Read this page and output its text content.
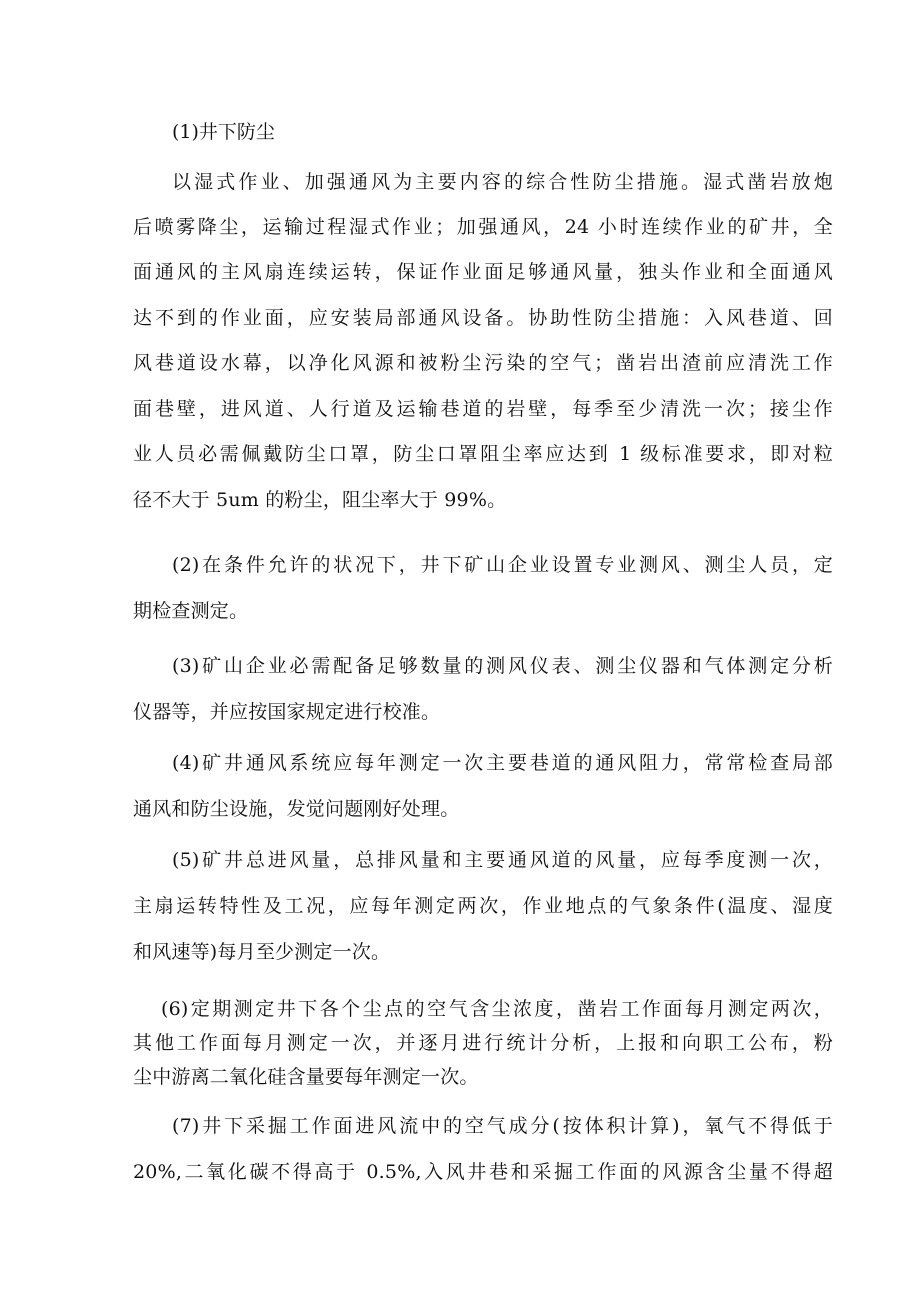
(1)井下防尘
以湿式作业、加强通风为主要内容的综合性防尘措施。湿式凿岩放炮
后喷雾降尘，运输过程湿式作业；加强通风，24 小时连续作业的矿井，全
面通风的主风扇连续运转，保证作业面足够通风量，独头作业和全面通风
达不到的作业面，应安装局部通风设备。协助性防尘措施：入风巷道、回
风巷道设水幕，以净化风源和被粉尘污染的空气；凿岩出渣前应清洗工作
面巷壁，进风道、人行道及运输巷道的岩壁，每季至少清洗一次；接尘作
业人员必需佩戴防尘口罩，防尘口罩阻尘率应达到 1 级标准要求，即对粒
径不大于 5um 的粉尘，阻尘率大于 99%。
(2)在条件允许的状况下，井下矿山企业设置专业测风、测尘人员，定
期检查测定。
(3)矿山企业必需配备足够数量的测风仪表、测尘仪器和气体测定分析
仪器等，并应按国家规定进行校准。
(4)矿井通风系统应每年测定一次主要巷道的通风阻力，常常检查局部
通风和防尘设施，发觉问题刚好处理。
(5)矿井总进风量，总排风量和主要通风道的风量，应每季度测一次，
主扇运转特性及工况，应每年测定两次，作业地点的气象条件(温度、湿度
和风速等)每月至少测定一次。
(6)定期测定井下各个尘点的空气含尘浓度，凿岩工作面每月测定两次，
其他工作面每月测定一次，并逐月进行统计分析，上报和向职工公布，粉
尘中游离二氧化硅含量要每年测定一次。
(7)井下采掘工作面进风流中的空气成分(按体积计算)，氧气不得低于
20%,二氧化碳不得高于 0.5%,入风井巷和采掘工作面的风源含尘量不得超
